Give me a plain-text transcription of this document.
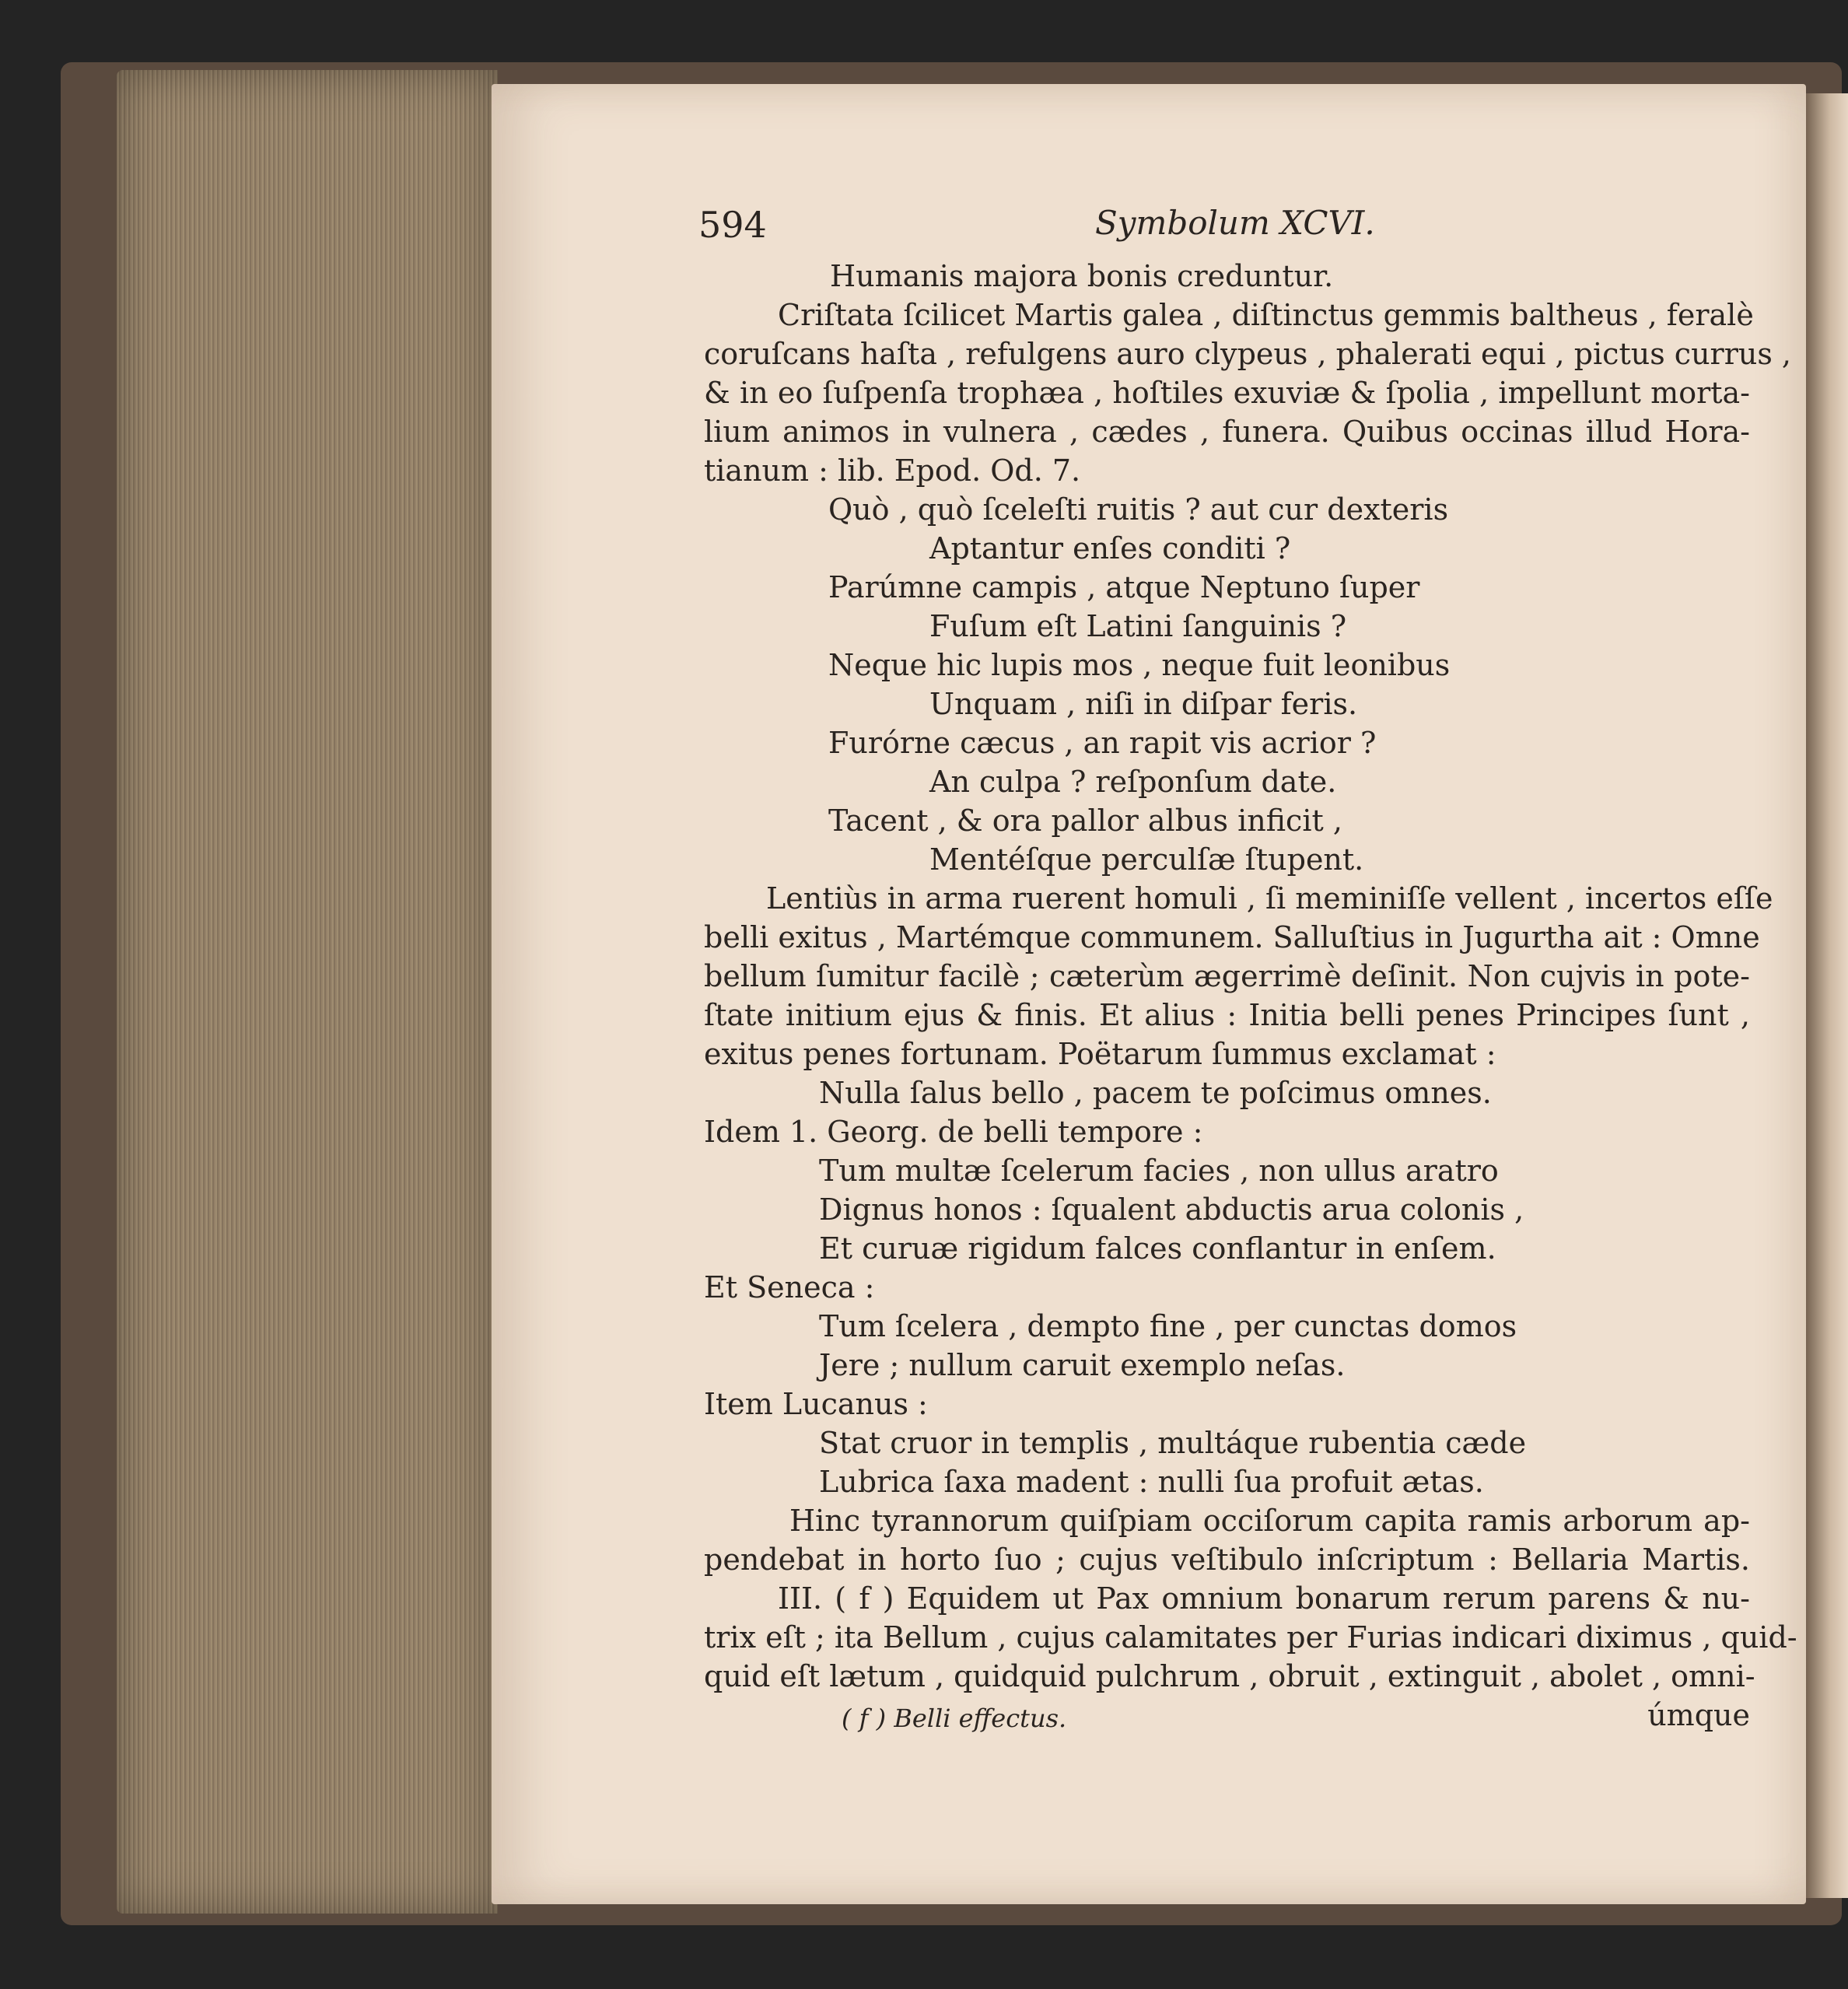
594	Symbolum XCVI.
Humanis majora bonis creduntur.
Criſtata ſcilicet Martis galea , diſtinctus gemmis baltheus , feralè
coruſcans haſta , refulgens auro clypeus , phalerati equi , pictus currus ,
& in eo ſuſpenſa trophæa , hoſtiles exuviæ & ſpolia , impellunt morta-
lium animos in vulnera , cædes , funera. Quibus occinas illud Hora-
tianum : lib. Epod. Od. 7.
Quò , quò ſceleſti ruitis ? aut cur dexteris
Aptantur enſes conditi ?
Parúmne campis , atque Neptuno ſuper
Fuſum eſt Latini ſanguinis ?
Neque hic lupis mos , neque fuit leonibus
Unquam , niſi in diſpar feris.
Furórne cæcus , an rapit vis acrior ?
An culpa ? reſponſum date.
Tacent , & ora pallor albus inficit ,
Mentéſque perculſæ ſtupent.
Lentiùs in arma ruerent homuli , ſi meminiſſe vellent , incertos eſſe
belli exitus , Martémque communem. Salluſtius in Jugurtha ait : Omne
bellum ſumitur facilè ; cæterùm ægerrimè deſinit. Non cujvis in pote-
ſtate initium ejus & finis. Et alius : Initia belli penes Principes ſunt ,
exitus penes fortunam. Poëtarum ſummus exclamat :
Nulla ſalus bello , pacem te poſcimus omnes.
Idem 1. Georg. de belli tempore :
Tum multæ ſcelerum facies , non ullus aratro
Dignus honos : ſqualent abductis arua colonis ,
Et curuæ rigidum falces conflantur in enſem.
Et Seneca :
Tum ſcelera , dempto fine , per cunctas domos
Jere ; nullum caruit exemplo neſas.
Item Lucanus :
Stat cruor in templis , multáque rubentia cæde
Lubrica ſaxa madent : nulli ſua profuit ætas.
Hinc tyrannorum quiſpiam occiſorum capita ramis arborum ap-
pendebat in horto ſuo ; cujus veſtibulo inſcriptum : Bellaria Martis.
III. ( f ) Equidem ut Pax omnium bonarum rerum parens & nu-
trix eſt ; ita Bellum , cujus calamitates per Furias indicari diximus , quid-
quid eſt lætum , quidquid pulchrum , obruit , extinguit , abolet , omni-
úmque
( f ) Belli effectus.
